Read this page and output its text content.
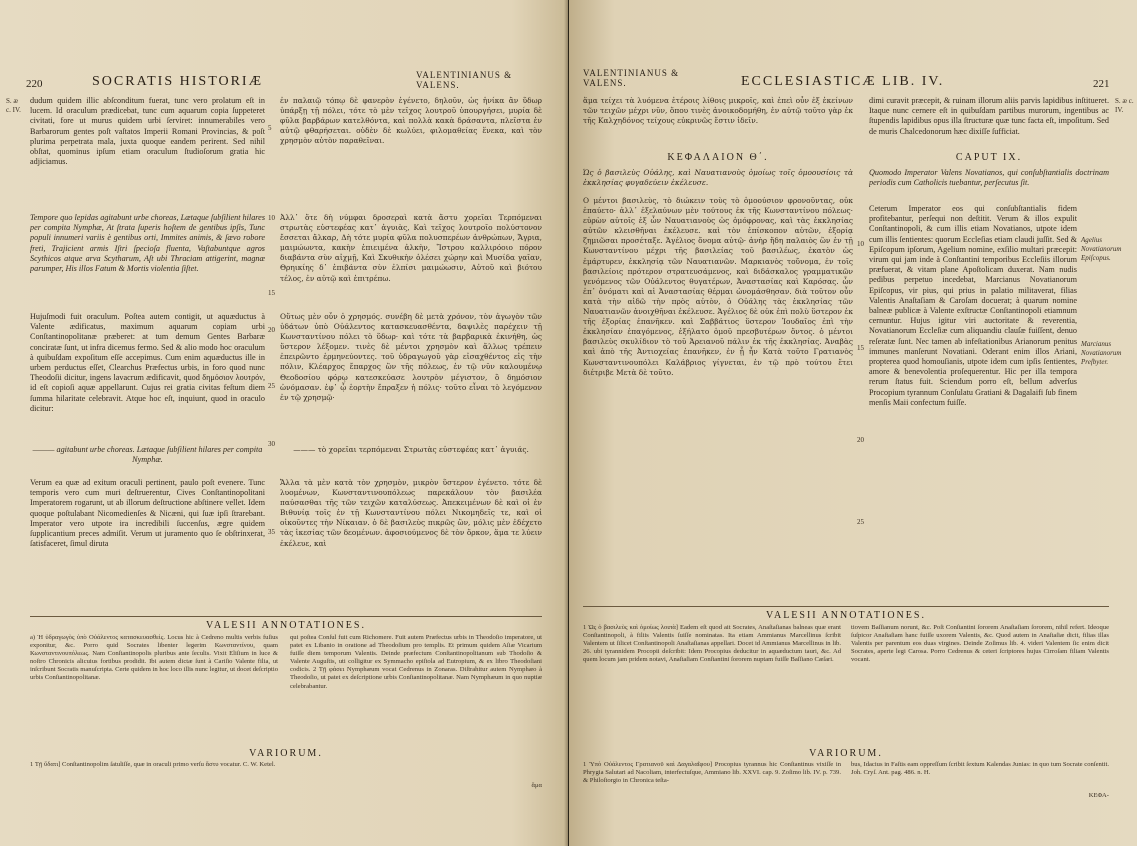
220	SOCRATIS HISTORIÆ	VALENTINIANUS & VALENS.
S. æ c. IV.
dudum quidem illic abſconditum fuerat, tunc vero prolatum eſt in lucem. Id oraculum prædicebat, tunc cum aquarum copia ſuppeteret civitati, fore ut murus quidem urbi ſerviret: innumerabiles vero Barbarorum gentes poſt vaſtatos Imperii Romani Provincias, & poſt plurima perpetrata mala, juxta quoque eandem perirent. Sed nihil obſtat, quominus ipſum etiam oraculum ſtudioſorum gratia hic adjiciamus.
ἐν παλαιῷ τόπῳ δὲ φανερὸν ἐγένετο, δηλοῦν, ὡς ἡνίκα ἂν ὕδωρ ὑπάρξῃ τῇ πόλει, τότε τὸ μὲν τεῖχος λουτροῦ ὑπουργήσει, μυρία δὲ φῦλα βαρβάρων κατελθόντα, καὶ πολλὰ κακὰ δράσαντα, πλεῖστα ἐν αὐτῷ φθαρήσεται. οὐδὲν δὲ κωλύει, φιλομαθείας ἕνεκα, καὶ τὸν χρησμὸν αὐτὸν παραθεῖναι.
Tempore quo lepidas agitabunt urbe choreas, Lætaque ſubſilient hilares per compita Nymphæ, At ſtrata ſuperis hoſtem de gentibus ipſis, Tunc populi innumeri variis è gentibus orti, Immites animis, & ſævo robore freti, Trajicient armis Iſtri ſpecioſa fluenta, Vaſtabuntque agros Scythicos atque arva Scytharum, Aſt ubi Thraciam attigerint, magnæ parumper, His illos Fatum & Mortis violentia ſiſtet.
Ἀλλ᾽ ὅτε δὴ νύμφαι δροσεραὶ κατὰ ἄστυ χορεῖαι Τερπόμεναι στρωτὰς εὐστεφέας κατ᾽ ἀγυιὰς, Καὶ τεῖχος λουτροῖο πολύστονον ἔσσεται ἄλκαρ, Δὴ τότε μυρία φῦλα πολυσπερέων ἀνθρώπων, Ἄγρια, μαιμώωντα, κακὴν ἐπιειμένα ἀλκὴν, Ἴστρου καλλιρόοιο πόρον διαβάντα σὺν αἰχμῇ, Καὶ Σκυθικὴν ὀλέσει χώρην καὶ Μυσίδα γαῖαν, Θρηικίης δ᾽ ἐπιβάντα σὺν ἐλπίσι μαιμώωσιν, Αὐτοῦ καὶ βιότου τέλος, ἐν αὐτῷ καὶ ἐπιτρέπω.
Hujuſmodi fuit oraculum. Poſtea autem contigit, ut aquæductus à Valente ædificatus, maximum aquarum copiam urbi Conſtantinopolitanæ præberet: at tum demum Gentes Barbaræ conciratæ ſunt, ut infra dicemus fermo. Sed & alio modo hoc oraculum à quibuſdam expoſitum eſſe accepimus. Cum enim aquæductus ille in urbem perductus eſſet, Clearchus Præfectus urbis, in foro quod nunc Theodoſii dicitur, ingens lavacrum ædificavit, quod δημόσιον λουτρόν, id eſt copioſi aquæ appellarunt. Cujus rei gratia civitas feſtum diem ſumma hilaritate celebravit. Atque hoc eſt, inquiunt, quod in oraculo dicitur:
Οὕτως μὲν οὖν ὁ χρησμός. συνέβη δὲ μετὰ χρόνον, τὸν ἀγωγὸν τῶν ὑδάτων ὑπὸ Οὐάλεντος κατασκευασθέντα, δαψιλὲς παρέχειν τῇ Κωνσταντίνου πόλει τὸ ὕδωρ· καὶ τότε τὰ βαρβαρικὰ ἐκινήθη, ὡς ὕστερον λέξομεν. τινὲς δὲ μέντοι χρησμὸν καὶ ἄλλως τρέπειν ἐπειρῶντο ἑρμηνεύοντες. τοῦ ὑδραγωγοῦ γὰρ εἰσαχθέντος εἰς τὴν πόλιν, Κλέαρχος ἔπαρχος ὢν τῆς πόλεως, ἐν τῷ νῦν καλουμένῳ Θεοδοσίου φόρῳ κατεσκεύασε λουτρὸν μέγιστον, ὃ δημόσιον ὠνόμασαν. ἐφ᾽ ᾧ ἑορτὴν ἔπραξεν ἡ πόλις· τοῦτο εἶναι τὸ λεγόμενον ἐν τῷ χρησμῷ·
——— agitabunt urbe choreas. Lætaque ſubſilient hilares per compita Nymphæ.
——— τὸ χορεῖαι τερπόμεναι Στρωτὰς εὐστεφέας κατ᾽ ἀγυιάς.
Verum ea quæ ad exitum oraculi pertinent, paulo poſt evenere. Tunc temporis vero cum muri deſtruerentur, Cives Conſtantinopolitani Imperatorem rogarunt, ut ab illorum deſtructione abſtinere vellet. Idem quoque poſtulabant Nicomedienſes & Nicæni, qui ſuæ ipſi ſtrarebant. Imperator vero utpote ira incredibili ſuccenſus, ægre quidem ſupplicantium preces admiſit. Verum ut juramento quo ſe obſtrinxerat, ſatisfaceret, ſimul diruta
Ἄλλα τὰ μὲν κατὰ τὸν χρησμὸν, μικρὸν ὕστερον ἐγένετο. τότε δὲ λυομένων, Κωνσταντινουπόλεως παρεκάλουν τὸν βασιλέα παύσασθαι τῆς τῶν τειχῶν καταλύσεως. Ἀπεκειμένων δὲ καὶ οἱ ἐν Βιθυνίᾳ τοῖς ἐν τῇ Κωνσταντίνου πόλει Νικομηδεῖς τε, καὶ οἱ οἰκοῦντες τὴν Νίκαιαν. ὁ δὲ βασιλεὺς πικρῶς ὢν, μόλις μὲν ἐδέχετο τὰς ἱκεσίας τῶν δεομένων. ἀφοσιούμενος δὲ τὸν ὅρκον, ἅμα τε λύειν ἐκέλευε, καὶ
5
10
15
20
25
30
35
VALESII ANNOTATIONES.
a) Ἡ ὑδραγωγὸς ὑπὸ Οὐάλεντος κατασκευασθεὶς. Locus hic à Cedreno multis verbis fuſius exponitur, &c. Porro quid Socrates libenter legerim Κωνσταντίνου, quam Κωνσταντινουπόλεως. Nam Conſtantinopolis pluribus ante ſeculis. Vixit Eliſium in luce & noſtro Chronicis alicuius fortibus prodidit. Ibi autem dictæ ſunt à Cariſio Valente filia, ut inſcribunt Socratis manuſcripta. Certe quidem in hoc loco illis nunc legitur, ut docet deſcriptio urbis Conſtantinopolitanæ.
qui poſtea Conſul fuit cum Richomere. Fuit autem Præfectus urbis in Theodoſio imperatore, ut patet ex Libanio in oratione ad Theodoſium pro templis. Et primum quidem Aſiæ Vicarium fuiſſe diem temporum Valentis. Deinde præfectum Conſtantinopolitanum sub Thodoſio & Valente Auguſtis, uti colligitur ex Symmacho epiſtola ad Eutropium, & ex libro Theodoſiani codicis. 2 Τῇ φάσει Nymphæum vocat Cedrenus in Zonaras. Diſtrahitur autem Nymphæo à Theodoſio, ut patet ex deſcriptione urbis Conſtantinopolitanæ. Nam Nymphæum in quo nuptiæ celebrabantur.
VARIORUM.
1 Τῇ ὕδατι] Conſtantinopolim ſatuliſſe, quæ in oraculi primo verſu ἄστυ vocatur. C. W. Ketel.
ἅμα
VALENTINIANUS & VALENS.	ECCLESIASTICÆ LIB. IV.	221
S. æ c. IV.
ἅμα τείχει τὰ λυόμενα ἑτέροις λίθοις μικροῖς, καὶ ἐπεὶ οὖν ἐξ ἐκείνων τῶν τειχῶν μέχρι νῦν, ὅπου τινὲς ἀνοικοδομήθη, ἐν αὐτῷ τοῦτο γὰρ ἐκ τῆς Καλχηδόνος τείχους εὐκρινῶς ἔστιν ἰδεῖν.
dimi curavit præcepit, & ruinam illorum aliis parvis lapidibus inſtitueret. Itaque nunc cernere eſt in quibuſdam partibus murorum, ingentibus ac ſtupendis lapidibus opus illa ſtructuræ quæ tunc facta eſt, impoſitum. Sed de muris Chalcedonorum hæc dixiſſe ſufficiat.
ΚΕΦΑΛΑΙΟΝ Θ΄.	CAPUT IX.
Ὡς ὁ βασιλεὺς Οὐάλης, καὶ Ναυατιανοὺς ὁμοίως τοῖς ὁμοουσίοις τὰ ἐκκλησίας φυγαδεύειν ἐκέλευσε.
Quomodo Imperator Valens Novatianos, qui conſubſtantialis doctrinam periodis cum Catholicis tuebantur, perſecutus ſit.
Ο μέντοι βασιλεὺς, τὸ διώκειν τοὺς τὸ ὁμοούσιον φρονοῦντας, οὐκ ἐπαύετο· ἀλλ᾽ ἐξελαύνων μὲν τούτους ἐκ τῆς Κωνσταντίνου πόλεως· εὑρὼν αὐτοῖς ἐξ ὧν Ναυατιανοὺς ὡς ὁμόφρονας, καὶ τὰς ἐκκλησίας αὐτῶν κλεισθῆναι ἐκέλευσε. καὶ τὸν ἐπίσκοπον αὐτῶν, ἐξορίᾳ ζημιῶσαι προσέταξε. Ἀγέλιος ὄνομα αὐτῷ· ἀνὴρ ἤδη παλαιὸς ὢν ἐν τῇ Κωνσταντίνου μέχρι τῆς βασιλείας τοῦ βασιλέως, ἑκατὸν ὡς ἐμάρτυρεν, ἐκκλησίᾳ τῶν Ναυατιανῶν. Μαρκιανὸς τοὔνομα, ἐν τοῖς βασιλείοις πρότερον στρατευσάμενος, καὶ διδάσκαλος γραμματικῶν γενόμενος τῶν Οὐάλεντος θυγατέρων, Ἀναστασίας καὶ Καρόσας. ὧν ἐπ᾽ ὀνόματι καὶ αἱ Ἀναστασίας θέρμαι ὠνομάσθησαν. διὰ τοῦτον οὖν κατὰ τὴν αἰδῶ τὴν πρὸς αὐτὸν, ὁ Οὐάλης τὰς ἐκκλησίας τῶν Ναυατιανῶν ἀνοιχθῆναι ἐκέλευσε. Ἀγέλιος δὲ οὐκ ἐπὶ πολὺ ὕστερον ἐκ τῆς ἐξορίας ἐπανῆκεν. καὶ Σαββάτιος ὕστερον Ἰουδαῖος ἐπὶ τὴν ἐκκλησίαν ἐπαγόμενος, ἐξήλατο ὁμοῦ πρεσβυτέρων ὄντος. ὁ μέντοι βασιλεὺς σκυλίδιον τὸ τοῦ Ἀρειανοῦ πάλιν ἐκ τῆς ἐκκλησίας. Ἀναβὰς καὶ ἀπὸ τῆς Ἀντιοχείας ἐπανῆκεν, ἐν ᾗ ἦν Κατὰ τοῦτο Γρατιανὸς Κωνσταντινουπόλει Καλάβριος γίγνεται, ἐν τῷ πρὸ τούτου ἔτει διέτριβε Μετὰ δὲ τοῦτο.
Ceterum Imperator eos qui conſubſtantialis fidem profitebantur, perſequi non deſtitit. Verum & illos expulit Conſtantinopoli, & cum illis etiam Novatianos, utpote idem cum illis ſentientes: quorum Eccleſias etiam claudi juſſit. Sed & Epiſcopum ipſorum, Agelium nomine, exſilio multari præcepit: virum qui jam inde à Conſtantini temporibus Eccleſiis illorum præfuerat, & vitam plane Apoſtolicam duxerat. Nam nudis pedibus perpetuo incedebat, Marcianus Novatianorum Epiſcopus, vir pius, qui prius in palatio militaverat, filias Valentis Anaſtaſiam & Caroſam docuerat; à quarum nomine balneæ publicæ à Valente exſtructæ Conſtantinopoli etiamnum cernuntur. Hujus igitur viri auctoritate & reverentia, Novatianorum Eccleſiæ cum aliquandiu clauſæ fuiſſent, denuo reſeratæ ſunt. Nec tamen ab infeſtationibus Arianorum penitus immunes manſerunt Novatiani. Oderant enim illos Ariani, propterea quod homouſianis, utpote idem cum ipſis ſentientes, amore & benevolentia proſequerentur. Hic per illa tempora rerum ſtatus fuit. Sciendum porro eſt, bellum adverſus Procopium tyrannum Conſulatu Gratiani & Dagalaifi ſub finem menſis Maii confectum fuiſſe.
Agelius Novatianorum Epiſcopus.
Marcianus Novatianorum Preſbyter.
10
15
20
25
VALESII ANNOTATIONES.
1 Ὡς ὁ βασιλεὺς καὶ ὁμοίως λοιπὰ] Eadem eſt quod ait Socrates, Anaſtaſianas balneas quæ erant Conſtantinopoli, à filiis Valentis ſuiſſe nominatas. Ita etiam Ammianus Marcellinus ſcribit Valentem ut ſilicet Conſtantinopoli Anaſtaſianas appellari. Docet id Ammianus Marcellinus in lib. 26. ubi tyrannidem Procopii deſcribit: Idem Procopius deducitur in aquæductum tauri, &c. Ad quem locum jam pridem notavi, Anaſtaſiam Conſtantini ſororem nuptam fuiſſe Baſſiano Cæſari.
tiovem Baſſianum norunt, &c. Poſt Conſtantini ſororem Anaſtaſiam ſororem, nihil refert. Ideoque ſuſpicor Anaſtaſiam hanc fuiſſe uxorem Valentis, &c. Quod autem in Anaſtaſiæ dicit, filias illas Valentis per parentum eos duas virgines. Deinde Zoſimus lib. 4. videri Valentem ſic enim dicit Socrates, aperte legi Carosa. Porro Cedrenus & ceteri ſcriptores hujus Cirroſam filiam Valentis vocant.
VARIORUM.
1 Ὑπὸ Οὐάλεντος Γρατιανοῦ καὶ Δαγαλαΐφου] Procopius tyrannus hic Conſtantinus vixiſſe in Phrygia Salutari ad Nacoliam, interfectuſque, Ammiano lib. XXVI. cap. 9. Zoſimo lib. IV. p. 739. & Philoſtorgio in Chronica teſta-
bus, Idacius in Faſtis eam oppreſſum ſcribit ſextum Kalendas Junias: in quo tum Socrate conſentit. Joh. Cryſ. Ant. pag. 486. n. H.
ΚΕΦΑ-
